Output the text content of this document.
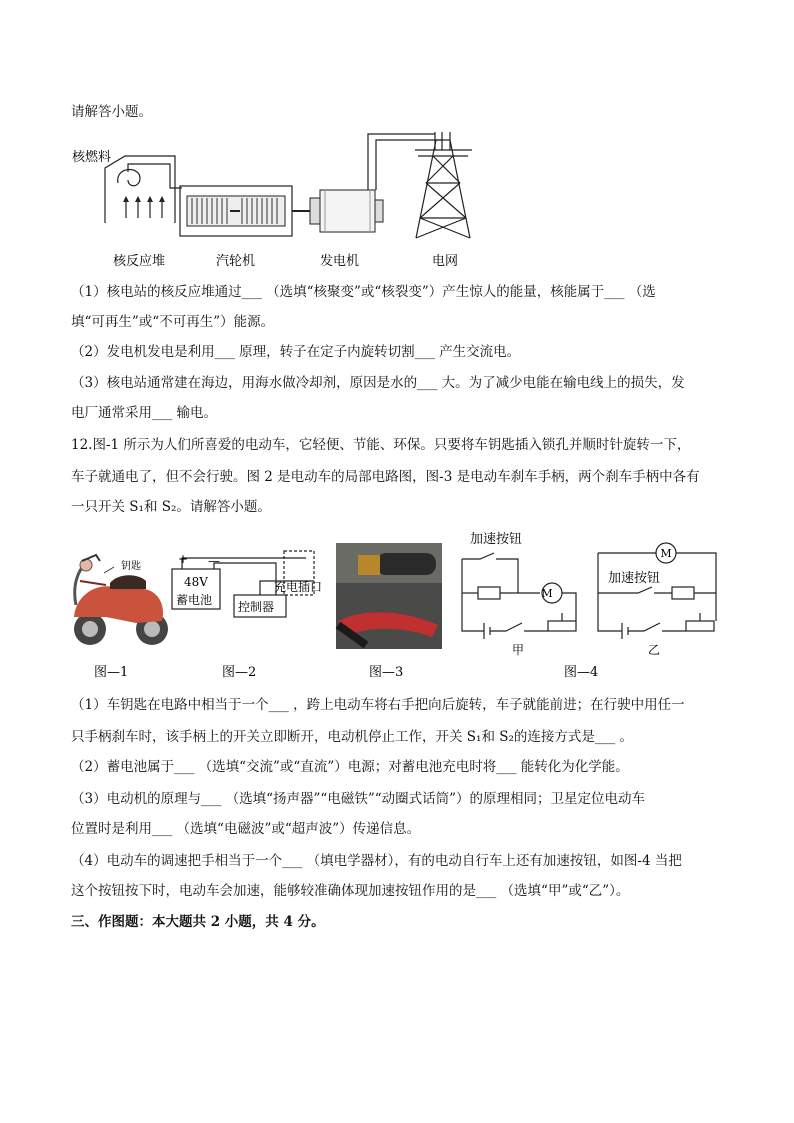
请解答小题。
核燃料
核反应堆	汽轮机	发电机	电网
（1）核电站的核反应堆通过___ （选填“核聚变”或“核裂变”）产生惊人的能量，核能属于___ （选
填“可再生”或“不可再生”）能源。
（2）发电机发电是利用___ 原理，转子在定子内旋转切割___ 产生交流电。
（3）核电站通常建在海边，用海水做冷却剂，原因是水的___ 大。为了减少电能在输电线上的损失，发
电厂通常采用___ 输电。
12.图-1 所示为人们所喜爱的电动车，它轻便、节能、环保。只要将车钥匙插入锁孔并顺时针旋转一下，
车子就通电了，但不会行驶。图 2 是电动车的局部电路图，图-3 是电动车刹车手柄，两个刹车手柄中各有
一只开关 S₁和 S₂。请解答小题。
钥匙
+ —
48V
蓄电池 控制器
充电插口
加速按钮
M
甲
M
加速按钮
乙
图—1	图—2	图—3	图—4
（1）车钥匙在电路中相当于一个___ ，跨上电动车将右手把向后旋转，车子就能前进；在行驶中用任一
只手柄刹车时，该手柄上的开关立即断开，电动机停止工作，开关 S₁和 S₂的连接方式是___ 。
（2）蓄电池属于___ （选填“交流”或“直流”）电源；对蓄电池充电时将___ 能转化为化学能。
（3）电动机的原理与___ （选填“扬声器”“电磁铁”“动圈式话筒”）的原理相同；卫星定位电动车
位置时是利用___ （选填“电磁波”或“超声波”）传递信息。
（4）电动车的调速把手相当于一个___ （填电学器材），有的电动自行车上还有加速按钮，如图-4 当把
这个按钮按下时，电动车会加速，能够较准确体现加速按钮作用的是___ （选填“甲”或“乙”）。
三、作图题：本大题共 2 小题，共 4 分。
